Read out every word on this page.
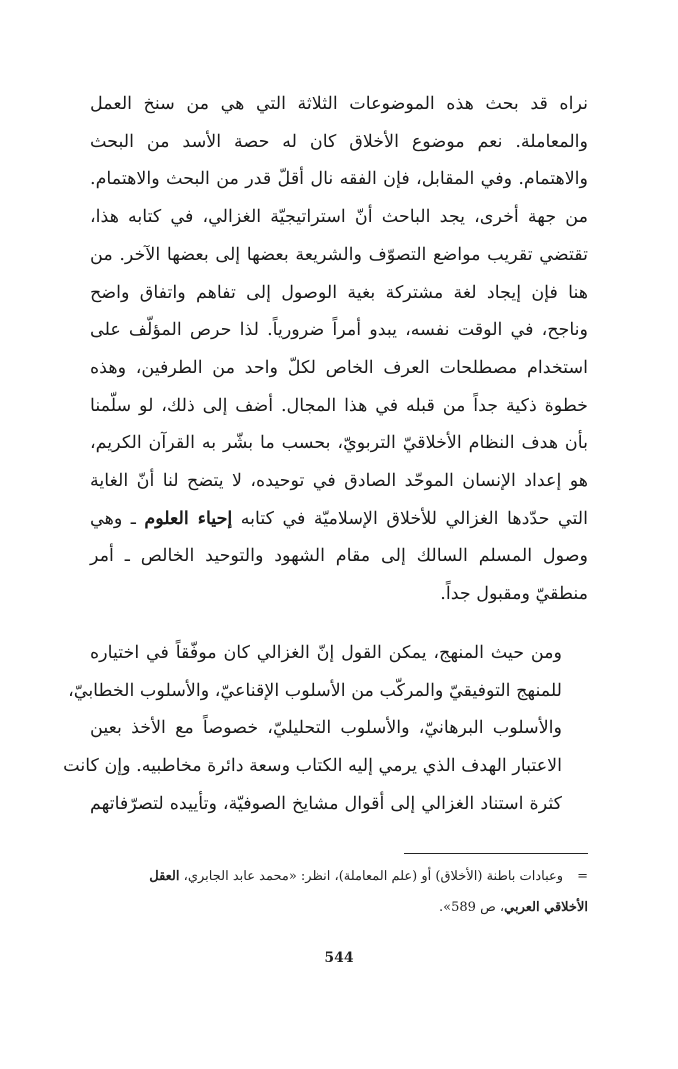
نراه قد بحث هذه الموضوعات الثلاثة التي هي من سنخ العمل
والمعاملة. نعم موضوع الأخلاق كان له حصة الأسد من البحث
والاهتمام. وفي المقابل، فإن الفقه نال أقلّ قدر من البحث والاهتمام.
من جهة أخرى، يجد الباحث أنّ استراتيجيّة الغزالي، في كتابه هذا،
تقتضي تقريب مواضع التصوّف والشريعة بعضها إلى بعضها الآخر. من
هنا فإن إيجاد لغة مشتركة بغية الوصول إلى تفاهم واتفاق واضح
وناجح، في الوقت نفسه، يبدو أمراً ضرورياً. لذا حرص المؤلّف على
استخدام مصطلحات العرف الخاص لكلّ واحد من الطرفين، وهذه
خطوة ذكية جداً من قبله في هذا المجال. أضف إلى ذلك، لو سلّمنا
بأن هدف النظام الأخلاقيّ التربويّ، بحسب ما بشّر به القرآن الكريم،
هو إعداد الإنسان الموحّد الصادق في توحيده، لا يتضح لنا أنّ الغاية
التي حدّدها الغزالي للأخلاق الإسلاميّة في كتابه إحياء العلوم ـ وهي
وصول المسلم السالك إلى مقام الشهود والتوحيد الخالص ـ أمر
منطقيّ ومقبول جداً.

ومن حيث المنهج، يمكن القول إنّ الغزالي كان موفّقاً في اختياره
للمنهج التوفيقيّ والمركّب من الأسلوب الإقناعيّ، والأسلوب الخطابيّ،
والأسلوب البرهانيّ، والأسلوب التحليليّ، خصوصاً مع الأخذ بعين
الاعتبار الهدف الذي يرمي إليه الكتاب وسعة دائرة مخاطبيه. وإن كانت
كثرة استناد الغزالي إلى أقوال مشايخ الصوفيّة، وتأييده لتصرّفاتهم

=وعبادات باطنة (الأخلاق) أو (علم المعاملة)، انظر: «محمد عابد الجابري، العقل
الأخلاقي العربي، ص 589».
544
